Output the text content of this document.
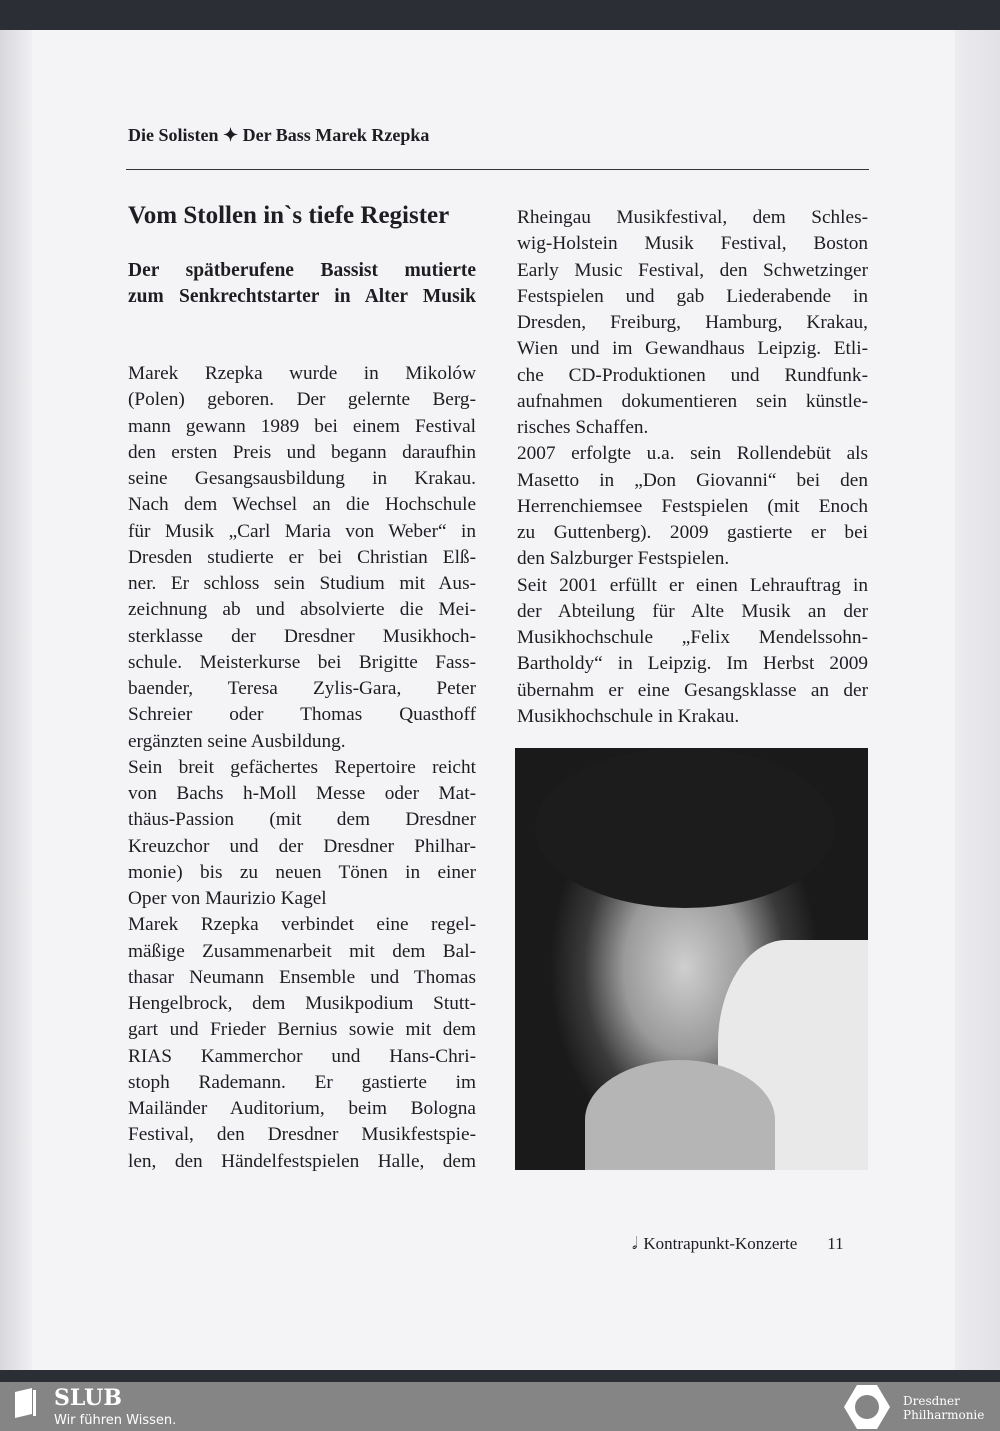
Die Solisten ✦ Der Bass Marek Rzepka
Vom Stollen in`s tiefe Register
Der spätberufene Bassist mutierte
zum Senkrechtstarter in Alter Musik
Marek Rzepka wurde in Mikolów
(Polen) geboren. Der gelernte Berg-
mann gewann 1989 bei einem Festival
den ersten Preis und begann daraufhin
seine Gesangsausbildung in Krakau.
Nach dem Wechsel an die Hochschule
für Musik „Carl Maria von Weber“ in
Dresden studierte er bei Christian Elß-
ner. Er schloss sein Studium mit Aus-
zeichnung ab und absolvierte die Mei-
sterklasse der Dresdner Musikhoch-
schule. Meisterkurse bei Brigitte Fass-
baender, Teresa Zylis-Gara, Peter
Schreier oder Thomas Quasthoff
ergänzten seine Ausbildung.
Sein breit gefächertes Repertoire reicht
von Bachs h-Moll Messe oder Mat-
thäus-Passion (mit dem Dresdner
Kreuzchor und der Dresdner Philhar-
monie) bis zu neuen Tönen in einer
Oper von Maurizio Kagel
Marek Rzepka verbindet eine regel-
mäßige Zusammenarbeit mit dem Bal-
thasar Neumann Ensemble und Thomas
Hengelbrock, dem Musikpodium Stutt-
gart und Frieder Bernius sowie mit dem
RIAS Kammerchor und Hans-Chri-
stoph Rademann. Er gastierte im
Mailänder Auditorium, beim Bologna
Festival, den Dresdner Musikfestspie-
len, den Händelfestspielen Halle, dem
Rheingau Musikfestival, dem Schles-
wig-Holstein Musik Festival, Boston
Early Music Festival, den Schwetzinger
Festspielen und gab Liederabende in
Dresden, Freiburg, Hamburg, Krakau,
Wien und im Gewandhaus Leipzig. Etli-
che CD-Produktionen und Rundfunk-
aufnahmen dokumentieren sein künstle-
risches Schaffen.
2007 erfolgte u.a. sein Rollendebüt als
Masetto in „Don Giovanni“ bei den
Herrenchiemsee Festspielen (mit Enoch
zu Guttenberg). 2009 gastierte er bei
den Salzburger Festspielen.
Seit 2001 erfüllt er einen Lehrauftrag in
der Abteilung für Alte Musik an der
Musikhochschule „Felix Mendelssohn-
Bartholdy“ in Leipzig. Im Herbst 2009
übernahm er eine Gesangsklasse an der
Musikhochschule in Krakau.
𝅗𝅥 Kontrapunkt-Konzerte 11
SLUB
Wir führen Wissen.
Dresdner
Philharmonie
